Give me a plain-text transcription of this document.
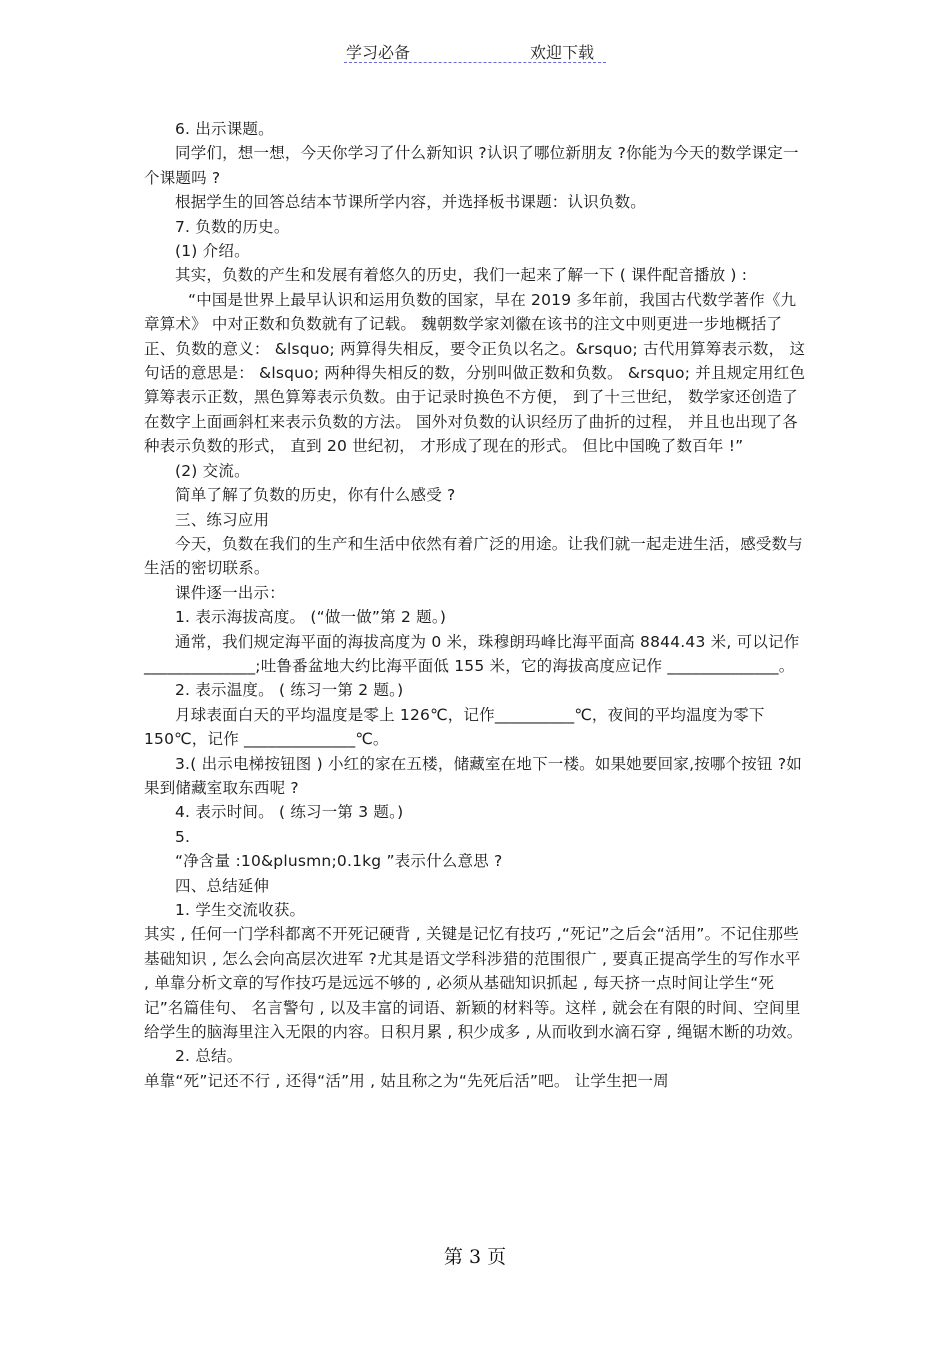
学习必备	欢迎下载

6. 出示课题。

同学们，想一想，今天你学习了什么新知识 ?认识了哪位新朋友 ?你能为今天的数学课定一个课题吗 ?

根据学生的回答总结本节课所学内容，并选择板书课题：认识负数。

7. 负数的历史。

(1) 介绍。

其实，负数的产生和发展有着悠久的历史，我们一起来了解一下 ( 课件配音播放 ) :

“中国是世界上最早认识和运用负数的国家，早在 2019 多年前，我国古代数学著作《九章算术》 中对正数和负数就有了记载。 魏朝数学家刘徽在该书的注文中则更进一步地概括了正、负数的意义： &lsquo; 两算得失相反，要令正负以名之。&rsquo; 古代用算筹表示数， 这句话的意思是： &lsquo; 两种得失相反的数，分别叫做正数和负数。 &rsquo; 并且规定用红色算筹表示正数，黑色算筹表示负数。由于记录时换色不方便， 到了十三世纪， 数学家还创造了在数字上面画斜杠来表示负数的方法。 国外对负数的认识经历了曲折的过程， 并且也出现了各种表示负数的形式， 直到 20 世纪初， 才形成了现在的形式。 但比中国晚了数百年 !”

(2) 交流。

简单了解了负数的历史，你有什么感受 ?

三、练习应用

今天，负数在我们的生产和生活中依然有着广泛的用途。让我们就一起走进生活，感受数与生活的密切联系。

课件逐一出示：

1. 表示海拔高度。 (“做一做”第 2 题。)

通常，我们规定海平面的海拔高度为 0 米，珠穆朗玛峰比海平面高 8844.43 米, 可以记作 ______________;吐鲁番盆地大约比海平面低 155 米，它的海拔高度应记作 ______________。

2. 表示温度。 ( 练习一第 2 题。)

月球表面白天的平均温度是零上 126℃，记作__________℃，夜间的平均温度为零下 150℃，记作 ______________℃。

3.( 出示电梯按钮图 ) 小红的家在五楼，储藏室在地下一楼。如果她要回家,按哪个按钮 ?如果到储藏室取东西呢 ?

4. 表示时间。 ( 练习一第 3 题。)

5.

“净含量 :10&plusmn;0.1kg ”表示什么意思 ?

四、总结延伸

1. 学生交流收获。

其实 , 任何一门学科都离不开死记硬背 , 关键是记忆有技巧 ,“死记”之后会“活用”。不记住那些基础知识 , 怎么会向高层次进军 ?尤其是语文学科涉猎的范围很广 , 要真正提高学生的写作水平 , 单靠分析文章的写作技巧是远远不够的 , 必须从基础知识抓起 , 每天挤一点时间让学生“死记”名篇佳句、 名言警句 , 以及丰富的词语、新颖的材料等。这样 , 就会在有限的时间、空间里给学生的脑海里注入无限的内容。日积月累 , 积少成多 , 从而收到水滴石穿 , 绳锯木断的功效。

2. 总结。

单靠“死”记还不行 , 还得“活”用 , 姑且称之为“先死后活”吧。 让学生把一周

第 3 页
